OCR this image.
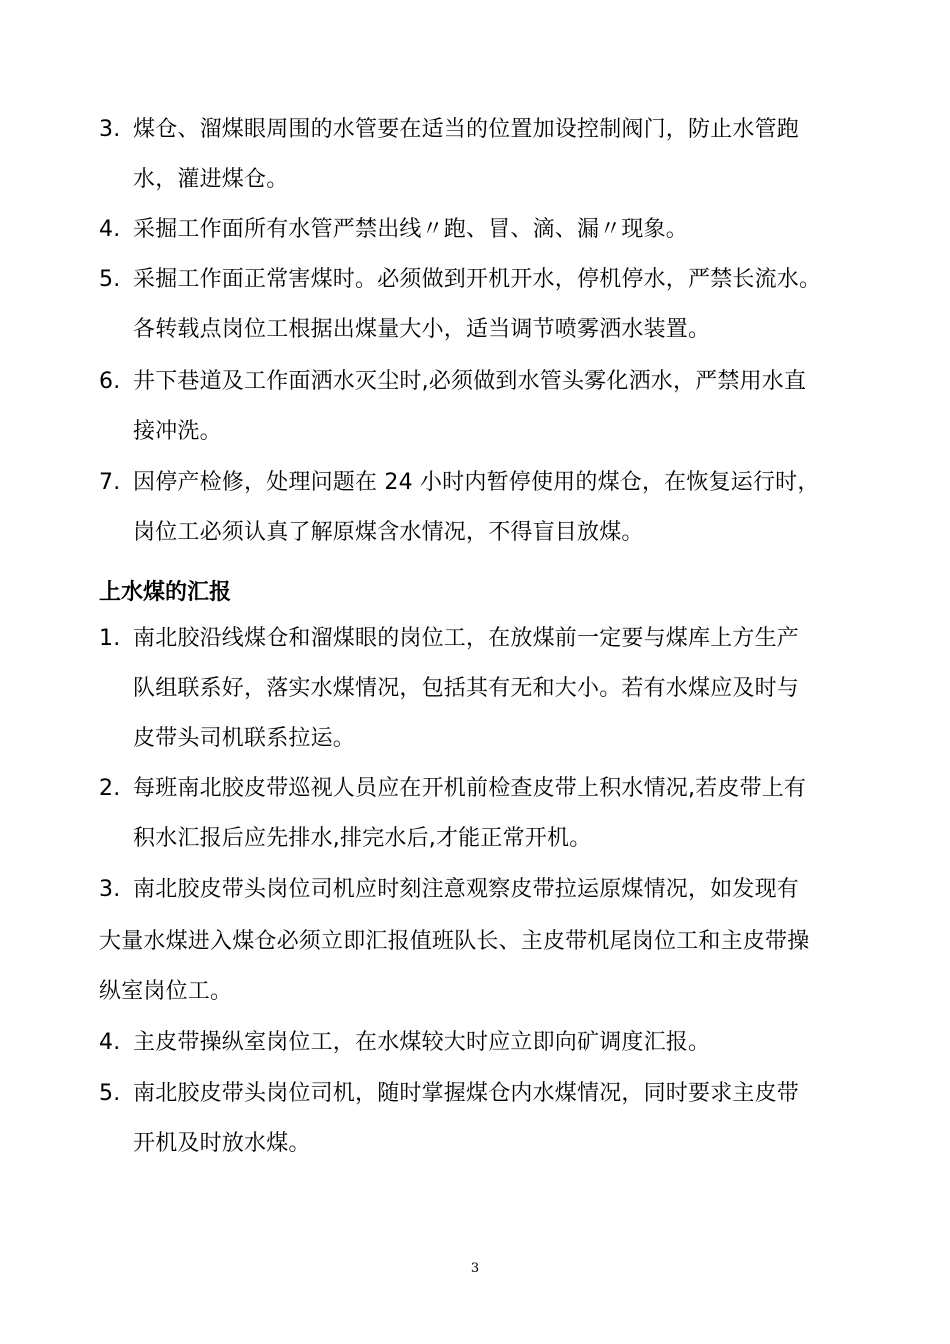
3. 煤仓、溜煤眼周围的水管要在适当的位置加设控制阀门，防止水管跑
水，灌进煤仓。
4. 采掘工作面所有水管严禁出线〃跑、冒、滴、漏〃现象。
5. 采掘工作面正常害煤时。必须做到开机开水，停机停水，严禁长流水。
各转载点岗位工根据出煤量大小，适当调节喷雾洒水装置。
6. 井下巷道及工作面洒水灭尘时,必须做到水管头雾化洒水，严禁用水直
接冲洗。
7. 因停产检修，处理问题在 24 小时内暂停使用的煤仓，在恢复运行时，
岗位工必须认真了解原煤含水情况，不得盲目放煤。
上水煤的汇报
1. 南北胶沿线煤仓和溜煤眼的岗位工，在放煤前一定要与煤库上方生产
队组联系好，落实水煤情况，包括其有无和大小。若有水煤应及时与
皮带头司机联系拉运。
2. 每班南北胶皮带巡视人员应在开机前检查皮带上积水情况,若皮带上有
积水汇报后应先排水,排完水后,才能正常开机。
3. 南北胶皮带头岗位司机应时刻注意观察皮带拉运原煤情况，如发现有
大量水煤进入煤仓必须立即汇报值班队长、主皮带机尾岗位工和主皮带操
纵室岗位工。
4. 主皮带操纵室岗位工，在水煤较大时应立即向矿调度汇报。
5. 南北胶皮带头岗位司机，随时掌握煤仓内水煤情况，同时要求主皮带
开机及时放水煤。
3
